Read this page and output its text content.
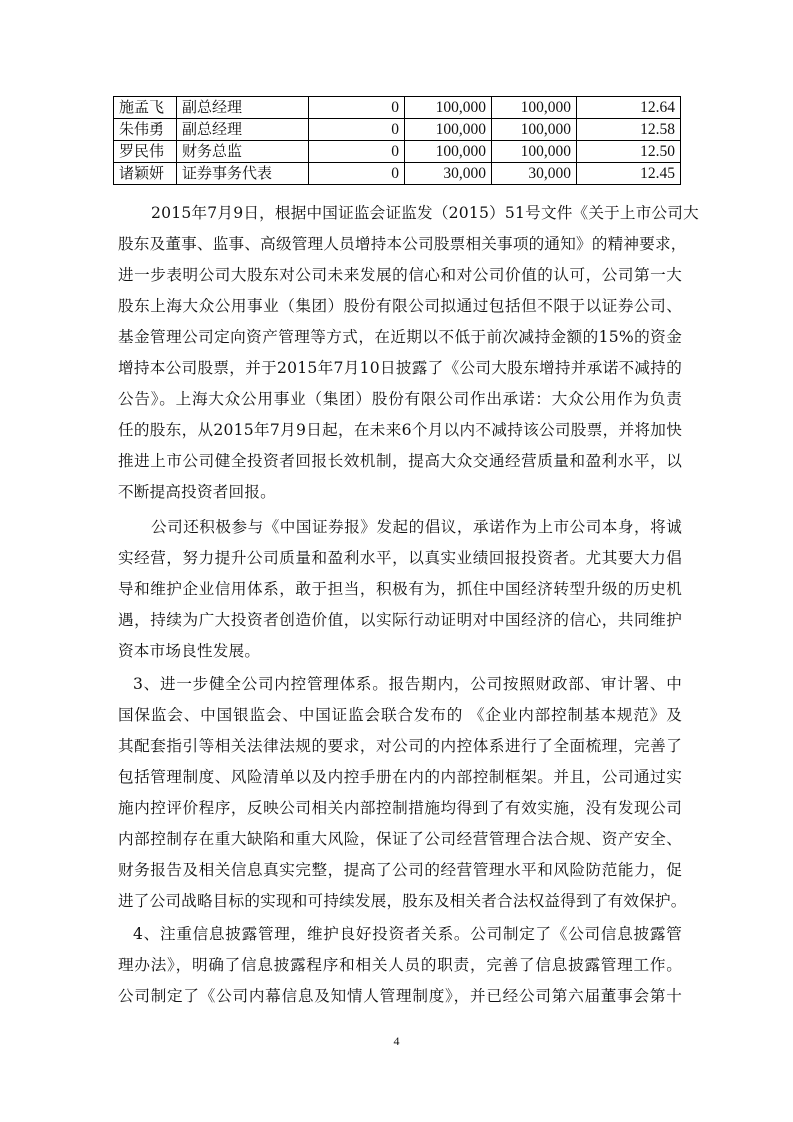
施孟飞	副总经理	0	100,000	100,000	12.64
朱伟勇	副总经理	0	100,000	100,000	12.58
罗民伟	财务总监	0	100,000	100,000	12.50
诸颖妍	证券事务代表	0	30,000	30,000	12.45
2015年7月9日，根据中国证监会证监发（2015）51号文件《关于上市公司大
股东及董事、监事、高级管理人员增持本公司股票相关事项的通知》的精神要求，
进一步表明公司大股东对公司未来发展的信心和对公司价值的认可，公司第一大
股东上海大众公用事业（集团）股份有限公司拟通过包括但不限于以证券公司、
基金管理公司定向资产管理等方式，在近期以不低于前次减持金额的15%的资金
增持本公司股票，并于2015年7月10日披露了《公司大股东增持并承诺不减持的
公告》。上海大众公用事业（集团）股份有限公司作出承诺：大众公用作为负责
任的股东，从2015年7月9日起，在未来6个月以内不减持该公司股票，并将加快
推进上市公司健全投资者回报长效机制，提高大众交通经营质量和盈利水平，以
不断提高投资者回报。
公司还积极参与《中国证券报》发起的倡议，承诺作为上市公司本身，将诚
实经营，努力提升公司质量和盈利水平，以真实业绩回报投资者。尤其要大力倡
导和维护企业信用体系，敢于担当，积极有为，抓住中国经济转型升级的历史机
遇，持续为广大投资者创造价值，以实际行动证明对中国经济的信心，共同维护
资本市场良性发展。
3、进一步健全公司内控管理体系。报告期内，公司按照财政部、审计署、中
国保监会、中国银监会、中国证监会联合发布的 《企业内部控制基本规范》及
其配套指引等相关法律法规的要求，对公司的内控体系进行了全面梳理，完善了
包括管理制度、风险清单以及内控手册在内的内部控制框架。并且，公司通过实
施内控评价程序，反映公司相关内部控制措施均得到了有效实施，没有发现公司
内部控制存在重大缺陷和重大风险，保证了公司经营管理合法合规、资产安全、
财务报告及相关信息真实完整，提高了公司的经营管理水平和风险防范能力，促
进了公司战略目标的实现和可持续发展，股东及相关者合法权益得到了有效保护。
4、注重信息披露管理，维护良好投资者关系。公司制定了《公司信息披露管
理办法》，明确了信息披露程序和相关人员的职责，完善了信息披露管理工作。
公司制定了《公司内幕信息及知情人管理制度》，并已经公司第六届董事会第十
4
